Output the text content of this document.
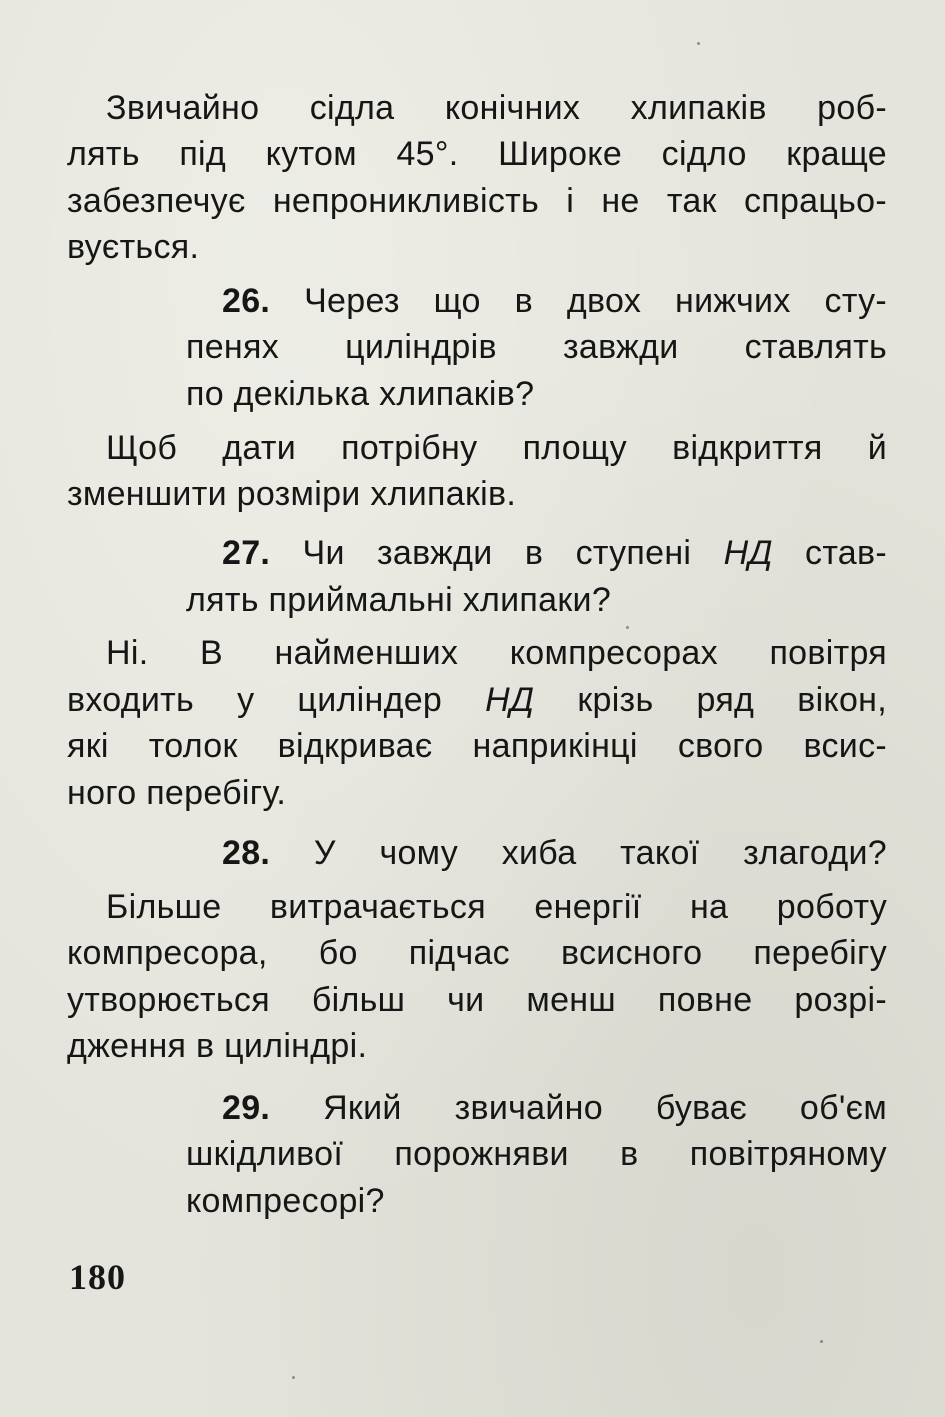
Звичайно сідла конічних хлипаків роб-
лять під кутом 45°. Широке сідло краще
забезпечує непроникливість і не так спрацьо-
вується.
26. Через що в двох нижчих сту-
пенях циліндрів завжди ставлять
по декілька хлипаків?
Щоб дати потрібну площу відкриття й
зменшити розміри хлипаків.
27. Чи завжди в ступені НД став-
лять приймальні хлипаки?
Ні. В найменших компресорах повітря
входить у циліндер НД крізь ряд вікон,
які толок відкриває наприкінці свого всис-
ного перебігу.
28. У чому хиба такої злагоди?
Більше витрачається енергії на роботу
компресора, бо підчас всисного перебігу
утворюється більш чи менш повне розрі-
дження в циліндрі.
29. Який звичайно буває об'єм
шкідливої порожняви в повітряному
компресорі?
180
